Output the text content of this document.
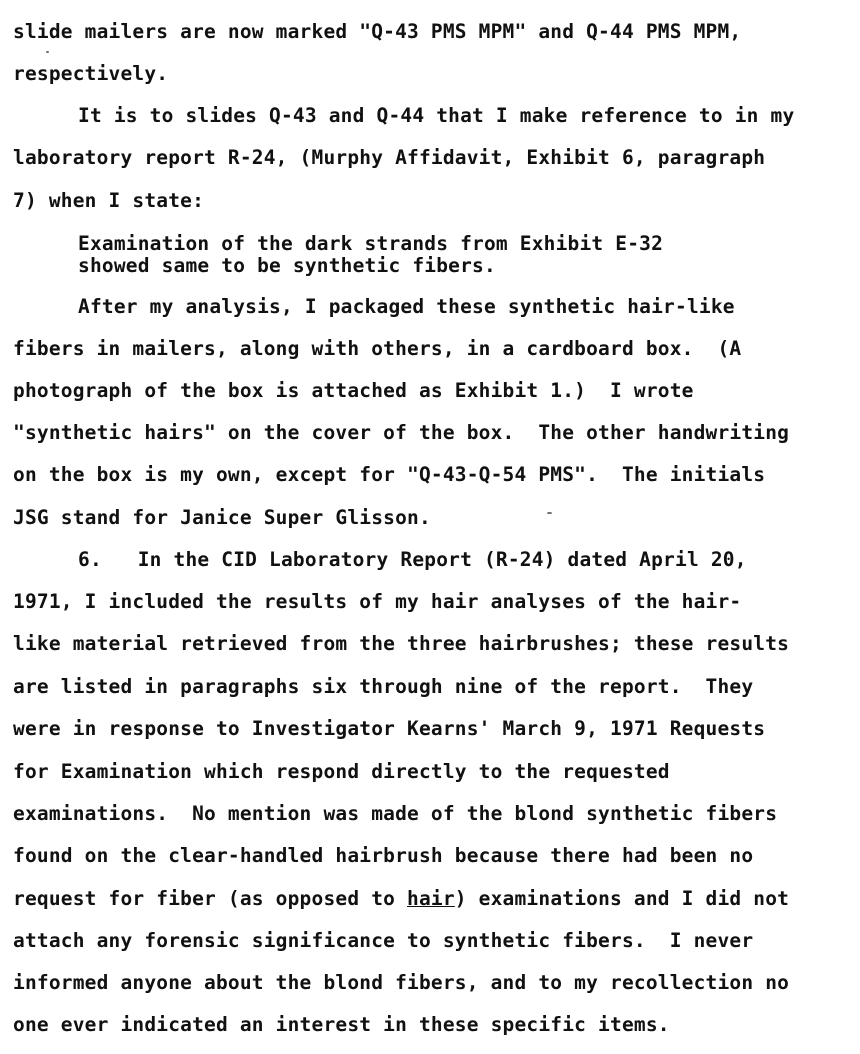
slide mailers are now marked "Q-43 PMS MPM" and Q-44 PMS MPM,
respectively.
It is to slides Q-43 and Q-44 that I make reference to in my
laboratory report R-24, (Murphy Affidavit, Exhibit 6, paragraph
7) when I state:
Examination of the dark strands from Exhibit E-32
showed same to be synthetic fibers.
After my analysis, I packaged these synthetic hair-like
fibers in mailers, along with others, in a cardboard box.  (A
photograph of the box is attached as Exhibit 1.)  I wrote
"synthetic hairs" on the cover of the box.  The other handwriting
on the box is my own, except for "Q-43-Q-54 PMS".  The initials
JSG stand for Janice Super Glisson.
6.   In the CID Laboratory Report (R-24) dated April 20,
1971, I included the results of my hair analyses of the hair-
like material retrieved from the three hairbrushes; these results
are listed in paragraphs six through nine of the report.  They
were in response to Investigator Kearns' March 9, 1971 Requests
for Examination which respond directly to the requested
examinations.  No mention was made of the blond synthetic fibers
found on the clear-handled hairbrush because there had been no
request for fiber (as opposed to hair) examinations and I did not
attach any forensic significance to synthetic fibers.  I never
informed anyone about the blond fibers, and to my recollection no
one ever indicated an interest in these specific items.
